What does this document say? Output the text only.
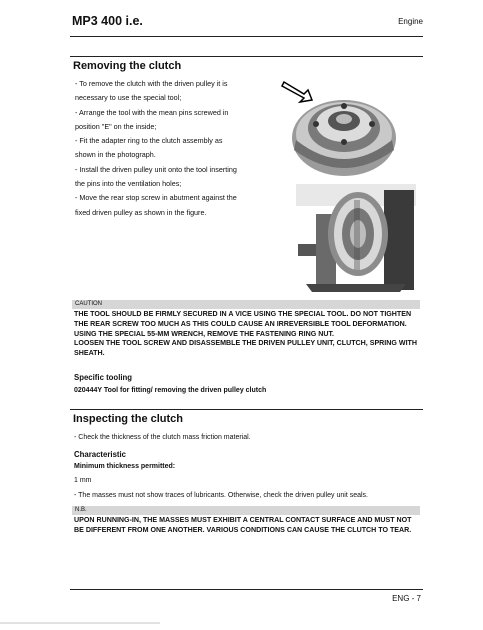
MP3 400 i.e.	Engine
Removing the clutch
- To remove the clutch with the driven pulley it is
necessary to use the special tool;
- Arrange the tool with the mean pins screwed in
position "E" on the inside;
- Fit the adapter ring to the clutch assembly as
shown in the photograph.
- Install the driven pulley unit onto the tool inserting
the pins into the ventilation holes;
- Move the rear stop screw in abutment against the
fixed driven pulley as shown in the figure.
CAUTION
THE TOOL SHOULD BE FIRMLY SECURED IN A VICE USING THE SPECIAL TOOL. DO NOT TIGHTEN THE REAR SCREW TOO MUCH AS THIS COULD CAUSE AN IRREVERSIBLE TOOL DEFORMATION.
USING THE SPECIAL 55-MM WRENCH, REMOVE THE FASTENING RING NUT.
LOOSEN THE TOOL SCREW AND DISASSEMBLE THE DRIVEN PULLEY UNIT, CLUTCH, SPRING WITH SHEATH.
Specific tooling
020444Y Tool for fitting/ removing the driven pulley clutch
Inspecting the clutch
- Check the thickness of the clutch mass friction material.
Characteristic
Minimum thickness permitted:
1 mm
- The masses must not show traces of lubricants. Otherwise, check the driven pulley unit seals.
N.B.
UPON RUNNING-IN, THE MASSES MUST EXHIBIT A CENTRAL CONTACT SURFACE AND MUST NOT BE DIFFERENT FROM ONE ANOTHER. VARIOUS CONDITIONS CAN CAUSE THE CLUTCH TO TEAR.
ENG - 7
